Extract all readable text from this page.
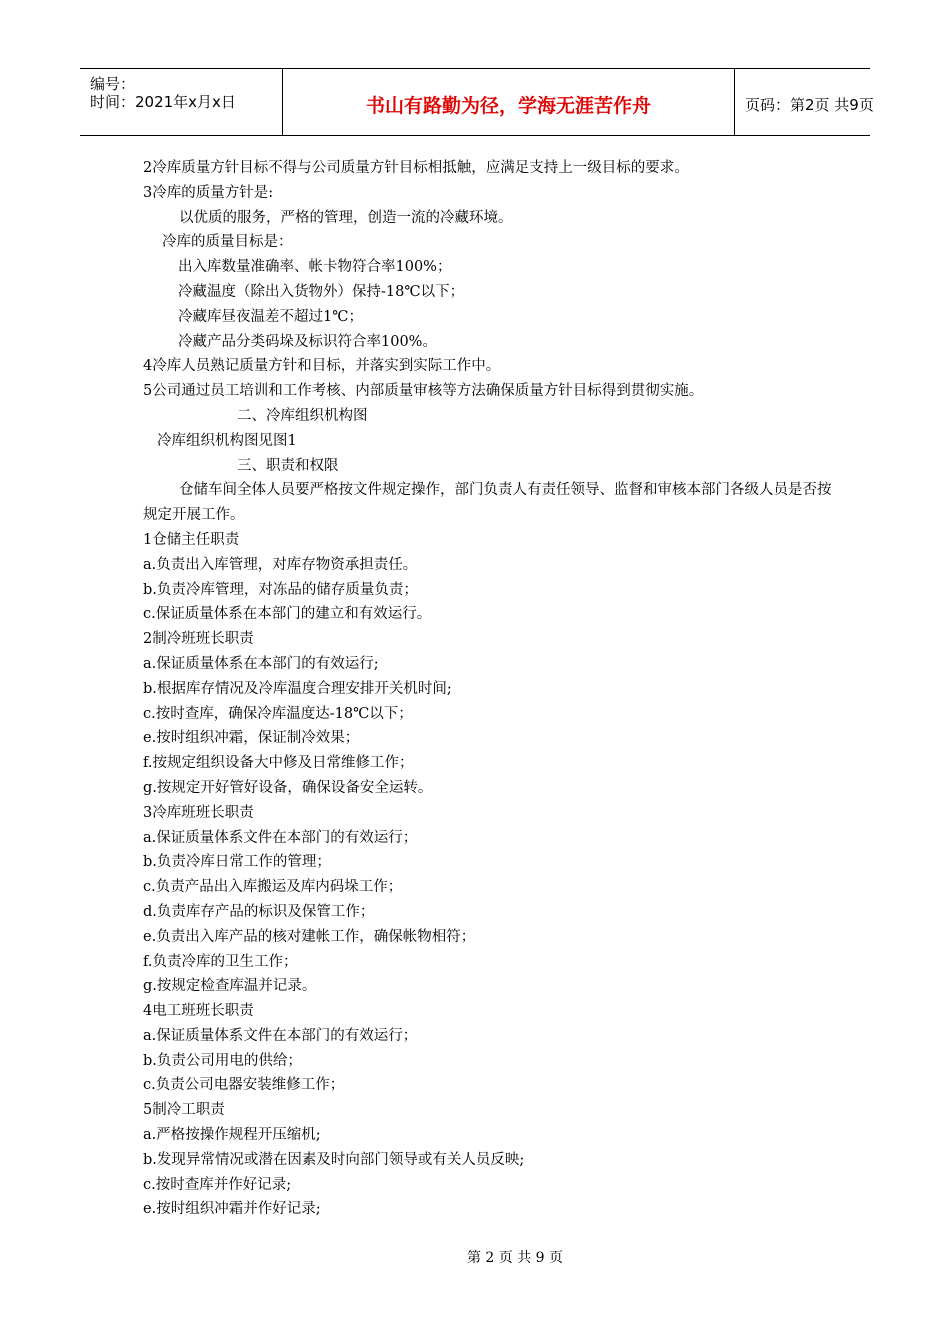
编号：
时间：2021年x月x日	书山有路勤为径，学海无涯苦作舟	页码：第2页 共9页
2冷库质量方针目标不得与公司质量方针目标相抵触，应满足支持上一级目标的要求。
3冷库的质量方针是:
以优质的服务，严格的管理，创造一流的冷藏环境。
冷库的质量目标是：
出入库数量准确率、帐卡物符合率100%；
冷藏温度（除出入货物外）保持-18℃以下；
冷藏库昼夜温差不超过1℃；
冷藏产品分类码垛及标识符合率100%。
4冷库人员熟记质量方针和目标，并落实到实际工作中。
5公司通过员工培训和工作考核、内部质量审核等方法确保质量方针目标得到贯彻实施。
二、冷库组织机构图
冷库组织机构图见图1
三、职责和权限
仓储车间全体人员要严格按文件规定操作，部门负责人有责任领导、监督和审核本部门各级人员是否按规定开展工作。
1仓储主任职责
a.负责出入库管理，对库存物资承担责任。
b.负责冷库管理，对冻品的储存质量负责；
c.保证质量体系在本部门的建立和有效运行。
2制冷班班长职责
a.保证质量体系在本部门的有效运行;
b.根据库存情况及冷库温度合理安排开关机时间;
c.按时查库，确保冷库温度达-18℃以下；
e.按时组织冲霜，保证制冷效果；
f.按规定组织设备大中修及日常维修工作；
g.按规定开好管好设备，确保设备安全运转。
3冷库班班长职责
a.保证质量体系文件在本部门的有效运行；
b.负责冷库日常工作的管理；
c.负责产品出入库搬运及库内码垛工作；
d.负责库存产品的标识及保管工作；
e.负责出入库产品的核对建帐工作，确保帐物相符；
f.负责冷库的卫生工作；
g.按规定检查库温并记录。
4电工班班长职责
a.保证质量体系文件在本部门的有效运行；
b.负责公司用电的供给；
c.负责公司电器安装维修工作；
5制冷工职责
a.严格按操作规程开压缩机;
b.发现异常情况或潜在因素及时向部门领导或有关人员反映;
c.按时查库并作好记录;
e.按时组织冲霜并作好记录;
第 2 页 共 9 页
